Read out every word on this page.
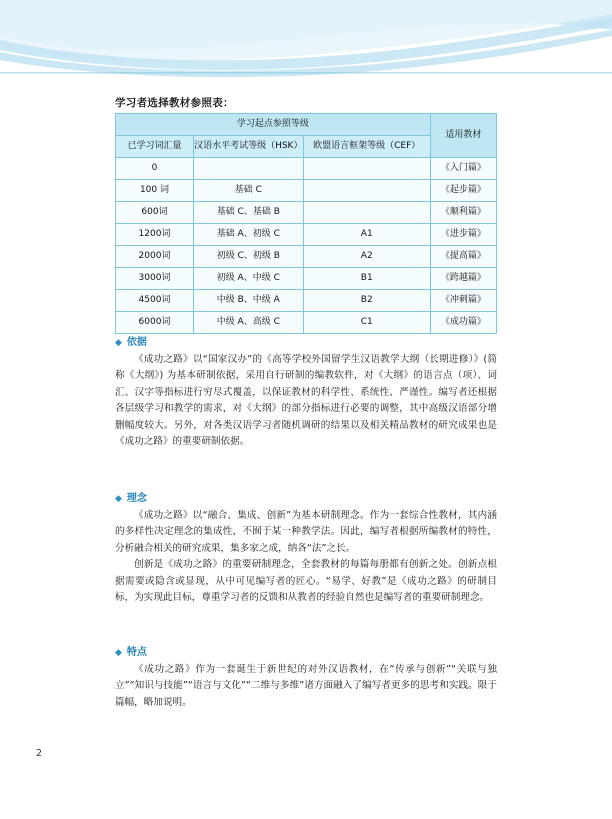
学习者选择教材参照表：
学习起点参照等级			适用教材
已学习词汇量	汉语水平考试等级（HSK）	欧盟语言框架等级（CEF）	
0			《入门篇》
100 词	基础 C		《起步篇》
600词	基础 C、基础 B		《顺利篇》
1200词	基础 A、初级 C	A1	《进步篇》
2000词	初级 C、初级 B	A2	《提高篇》
3000词	初级 A、中级 C	B1	《跨越篇》
4500词	中级 B、中级 A	B2	《冲刺篇》
6000词	中级 A、高级 C	C1	《成功篇》
◆ 依据

《成功之路》以“国家汉办”的《高等学校外国留学生汉语教学大纲（长期进修）》(简称《大纲》) 为基本研制依据，采用自行研制的编教软件，对《大纲》的语言点（项）、词汇、汉字等指标进行穷尽式覆盖，以保证教材的科学性、系统性、严谨性。编写者还根据各层级学习和教学的需求，对《大纲》的部分指标进行必要的调整，其中高级汉语部分增删幅度较大。另外，对各类汉语学习者随机调研的结果以及相关精品教材的研究成果也是《成功之路》的重要研制依据。

◆ 理念

《成功之路》以“融合、集成、创新”为基本研制理念。作为一套综合性教材，其内涵的多样性决定理念的集成性，不囿于某一种教学法。因此，编写者根据所编教材的特性，分析融合相关的研究成果，集多家之成，纳各“法”之长。

创新是《成功之路》的重要研制理念，全套教材的每篇每册都有创新之处。创新点根据需要或隐含或显现，从中可见编写者的匠心。“易学、好教”是《成功之路》的研制目标，为实现此目标，尊重学习者的反馈和从教者的经验自然也是编写者的重要研制理念。

◆ 特点

《成功之路》作为一套诞生于新世纪的对外汉语教材，在“传承与创新”“关联与独立”“知识与技能”“语言与文化”“二维与多维”诸方面融入了编写者更多的思考和实践。限于篇幅，略加说明。

2
